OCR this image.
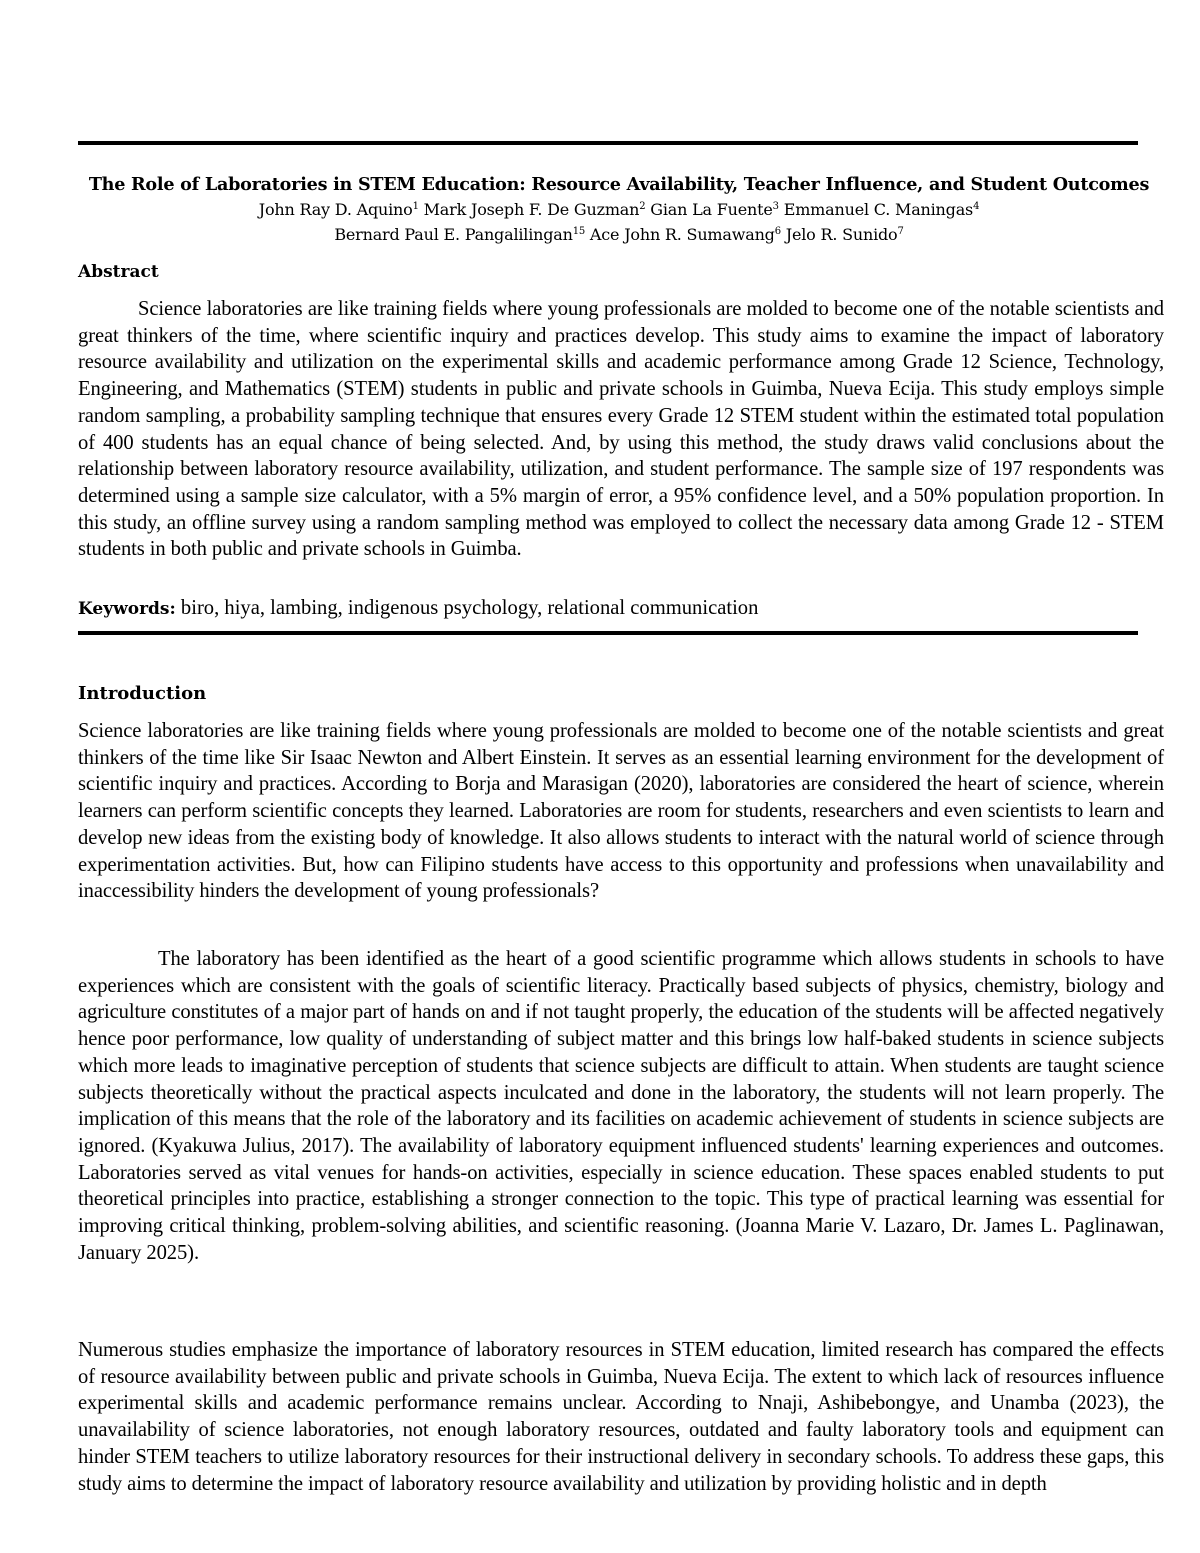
The Role of Laboratories in STEM Education: Resource Availability, Teacher Influence, and Student Outcomes
John Ray D. Aquino$^1$ Mark Joseph F. De Guzman$^2$ Gian La Fuente$^3$ Emmanuel C. Maningas$^4$
Bernard Paul E. Pangalilingan$^{15}$ Ace John R. Sumawang$^6$ Jelo R. Sunido$^7$
Abstract
Science laboratories are like training fields where young professionals are molded to become one of the notable scientists and great thinkers of the time, where scientific inquiry and practices develop. This study aims to examine the impact of laboratory resource availability and utilization on the experimental skills and academic performance among Grade 12 Science, Technology, Engineering, and Mathematics (STEM) students in public and private schools in Guimba, Nueva Ecija. This study employs simple random sampling, a probability sampling technique that ensures every Grade 12 STEM student within the estimated total population of 400 students has an equal chance of being selected. And, by using this method, the study draws valid conclusions about the relationship between laboratory resource availability, utilization, and student performance. The sample size of 197 respondents was determined using a sample size calculator, with a 5% margin of error, a 95% confidence level, and a 50% population proportion. In this study, an offline survey using a random sampling method was employed to collect the necessary data among Grade 12 - STEM students in both public and private schools in Guimba.
Keywords: biro, hiya, lambing, indigenous psychology, relational communication
Introduction
Science laboratories are like training fields where young professionals are molded to become one of the notable scientists and great thinkers of the time like Sir Isaac Newton and Albert Einstein. It serves as an essential learning environment for the development of scientific inquiry and practices. According to Borja and Marasigan (2020), laboratories are considered the heart of science, wherein learners can perform scientific concepts they learned. Laboratories are room for students, researchers and even scientists to learn and develop new ideas from the existing body of knowledge. It also allows students to interact with the natural world of science through experimentation activities. But, how can Filipino students have access to this opportunity and professions when unavailability and inaccessibility hinders the development of young professionals?
The laboratory has been identified as the heart of a good scientific programme which allows students in schools to have experiences which are consistent with the goals of scientific literacy. Practically based subjects of physics, chemistry, biology and agriculture constitutes of a major part of hands on and if not taught properly, the education of the students will be affected negatively hence poor performance, low quality of understanding of subject matter and this brings low half-baked students in science subjects which more leads to imaginative perception of students that science subjects are difficult to attain. When students are taught science subjects theoretically without the practical aspects inculcated and done in the laboratory, the students will not learn properly. The implication of this means that the role of the laboratory and its facilities on academic achievement of students in science subjects are ignored. (Kyakuwa Julius, 2017). The availability of laboratory equipment influenced students' learning experiences and outcomes. Laboratories served as vital venues for hands-on activities, especially in science education. These spaces enabled students to put theoretical principles into practice, establishing a stronger connection to the topic. This type of practical learning was essential for improving critical thinking, problem-solving abilities, and scientific reasoning. (Joanna Marie V. Lazaro, Dr. James L. Paglinawan, January 2025).
Numerous studies emphasize the importance of laboratory resources in STEM education, limited research has compared the effects of resource availability between public and private schools in Guimba, Nueva Ecija. The extent to which lack of resources influence experimental skills and academic performance remains unclear. According to Nnaji, Ashibebongye, and Unamba (2023), the unavailability of science laboratories, not enough laboratory resources, outdated and faulty laboratory tools and equipment can hinder STEM teachers to utilize laboratory resources for their instructional delivery in secondary schools. To address these gaps, this study aims to determine the impact of laboratory resource availability and utilization by providing holistic and in depth
